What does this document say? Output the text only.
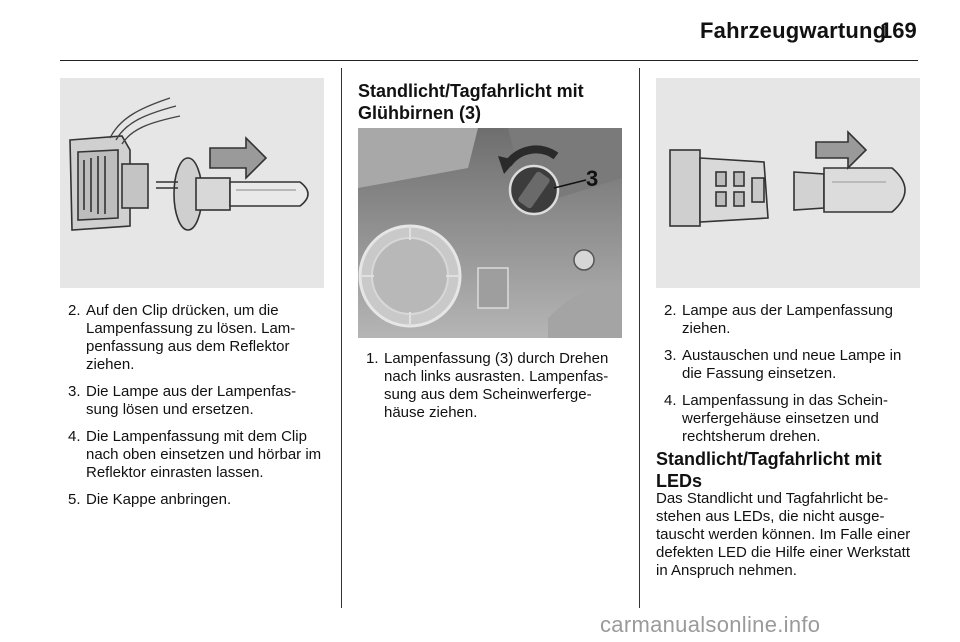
Fahrzeugwartung
169
2. Auf den Clip drücken, um die Lampenfassung zu lösen. Lam-penfassung aus dem Reflektor ziehen.
3. Die Lampe aus der Lampenfas-sung lösen und ersetzen.
4. Die Lampenfassung mit dem Clip nach oben einsetzen und hörbar im Reflektor einrasten lassen.
5. Die Kappe anbringen.
Standlicht/Tagfahrlicht mit Glühbirnen (3)
3
1. Lampenfassung (3) durch Drehen nach links ausrasten. Lampenfas-sung aus dem Scheinwerferge-häuse ziehen.
2. Lampe aus der Lampenfassung ziehen.
3. Austauschen und neue Lampe in die Fassung einsetzen.
4. Lampenfassung in das Schein-werfergehäuse einsetzen und rechtsherum drehen.
Standlicht/Tagfahrlicht mit LEDs
Das Standlicht und Tagfahrlicht be-stehen aus LEDs, die nicht ausge-tauscht werden können. Im Falle einer defekten LED die Hilfe einer Werkstatt in Anspruch nehmen.
carmanualsonline.info
